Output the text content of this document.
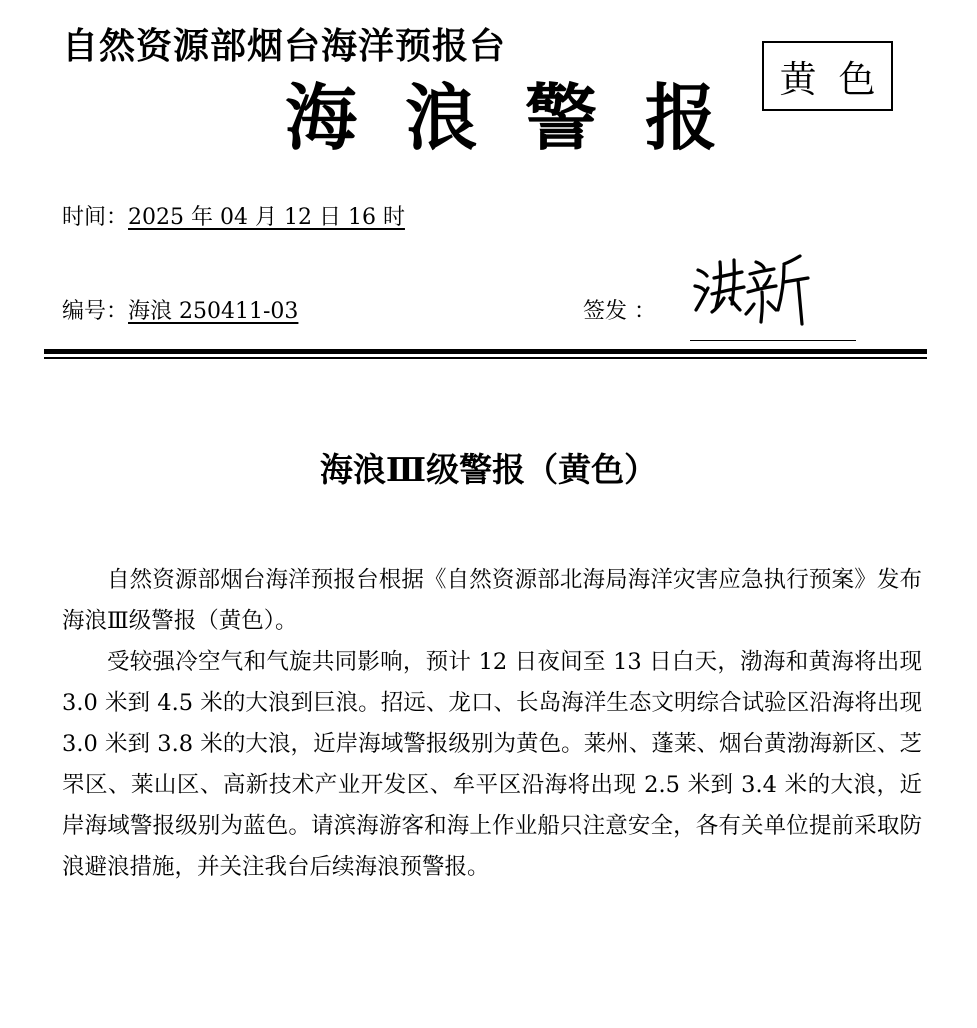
自然资源部烟台海洋预报台
黄色
海浪警报
时间：2025 年 04 月 12 日 16 时
编号：海浪 250411-03	签发 ：
海浪Ⅲ级警报（黄色）

自然资源部烟台海洋预报台根据《自然资源部北海局海洋灾害应急执行预案》发布海浪Ⅲ级警报（黄色）。

受较强冷空气和气旋共同影响，预计 12 日夜间至 13 日白天，渤海和黄海将出现 3.0 米到 4.5 米的大浪到巨浪。招远、龙口、长岛海洋生态文明综合试验区沿海将出现 3.0 米到 3.8 米的大浪，近岸海域警报级别为黄色。莱州、蓬莱、烟台黄渤海新区、芝罘区、莱山区、高新技术产业开发区、牟平区沿海将出现 2.5 米到 3.4 米的大浪，近岸海域警报级别为蓝色。请滨海游客和海上作业船只注意安全，各有关单位提前采取防浪避浪措施，并关注我台后续海浪预警报。
